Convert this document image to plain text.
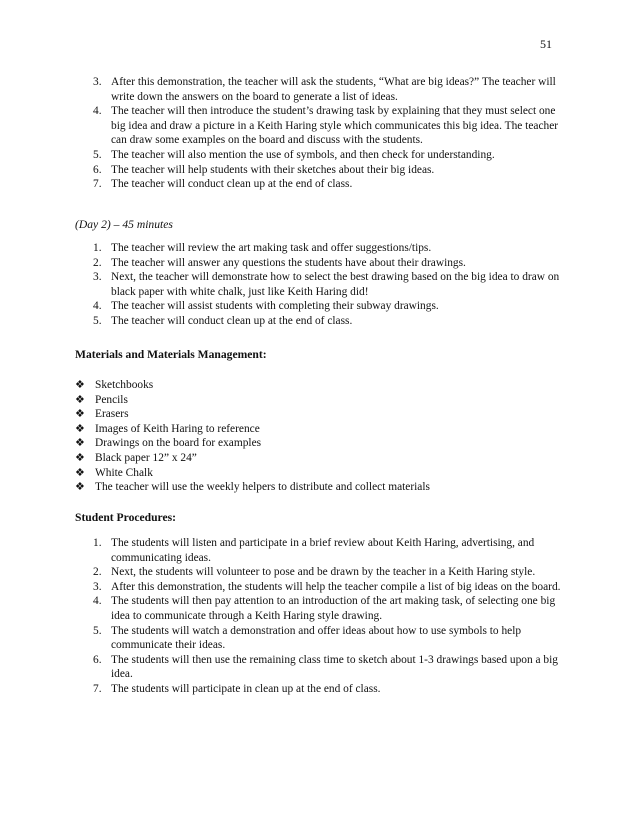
51
3. After this demonstration, the teacher will ask the students, “What are big ideas?” The teacher will write down the answers on the board to generate a list of ideas.
4. The teacher will then introduce the student’s drawing task by explaining that they must select one big idea and draw a picture in a Keith Haring style which communicates this big idea. The teacher can draw some examples on the board and discuss with the students.
5. The teacher will also mention the use of symbols, and then check for understanding.
6. The teacher will help students with their sketches about their big ideas.
7. The teacher will conduct clean up at the end of class.
(Day 2) – 45 minutes
1. The teacher will review the art making task and offer suggestions/tips.
2. The teacher will answer any questions the students have about their drawings.
3. Next, the teacher will demonstrate how to select the best drawing based on the big idea to draw on black paper with white chalk, just like Keith Haring did!
4. The teacher will assist students with completing their subway drawings.
5. The teacher will conduct clean up at the end of class.
Materials and Materials Management:
❖ Sketchbooks
❖ Pencils
❖ Erasers
❖ Images of Keith Haring to reference
❖ Drawings on the board for examples
❖ Black paper 12” x 24”
❖ White Chalk
❖ The teacher will use the weekly helpers to distribute and collect materials
Student Procedures:
1. The students will listen and participate in a brief review about Keith Haring, advertising, and communicating ideas.
2. Next, the students will volunteer to pose and be drawn by the teacher in a Keith Haring style.
3. After this demonstration, the students will help the teacher compile a list of big ideas on the board.
4. The students will then pay attention to an introduction of the art making task, of selecting one big idea to communicate through a Keith Haring style drawing.
5. The students will watch a demonstration and offer ideas about how to use symbols to help communicate their ideas.
6. The students will then use the remaining class time to sketch about 1-3 drawings based upon a big idea.
7. The students will participate in clean up at the end of class.
